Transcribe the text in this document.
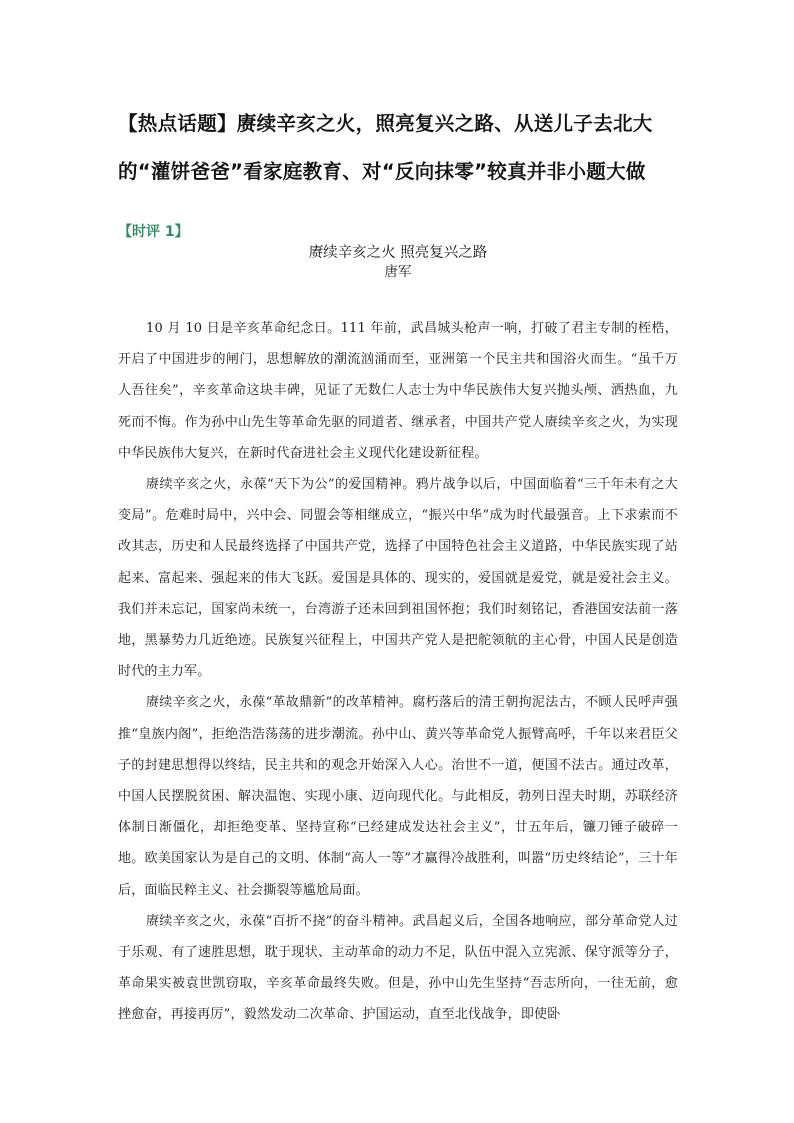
【热点话题】赓续辛亥之火，照亮复兴之路、从送儿子去北大的“灌饼爸爸”看家庭教育、对“反向抹零”较真并非小题大做
【时评 1】
赓续辛亥之火 照亮复兴之路
唐军

10 月 10 日是辛亥革命纪念日。111 年前，武昌城头枪声一响，打破了君主专制的桎梏，开启了中国进步的闸门，思想解放的潮流汹涌而至，亚洲第一个民主共和国浴火而生。“虽千万人吾往矣”，辛亥革命这块丰碑，见证了无数仁人志士为中华民族伟大复兴抛头颅、洒热血，九死而不悔。作为孙中山先生等革命先驱的同道者、继承者，中国共产党人赓续辛亥之火，为实现中华民族伟大复兴，在新时代奋进社会主义现代化建设新征程。

赓续辛亥之火，永葆“天下为公”的爱国精神。鸦片战争以后，中国面临着“三千年未有之大变局”。危难时局中，兴中会、同盟会等相继成立，“振兴中华”成为时代最强音。上下求索而不改其志，历史和人民最终选择了中国共产党，选择了中国特色社会主义道路，中华民族实现了站起来、富起来、强起来的伟大飞跃。爱国是具体的、现实的，爱国就是爱党，就是爱社会主义。我们并未忘记，国家尚未统一，台湾游子还未回到祖国怀抱；我们时刻铭记，香港国安法前一落地，黑暴势力几近绝迹。民族复兴征程上，中国共产党人是把舵领航的主心骨，中国人民是创造时代的主力军。

赓续辛亥之火，永葆“革故鼎新”的改革精神。腐朽落后的清王朝拘泥法古，不顾人民呼声强推“皇族内阁”，拒绝浩浩荡荡的进步潮流。孙中山、黄兴等革命党人振臂高呼，千年以来君臣父子的封建思想得以终结，民主共和的观念开始深入人心。治世不一道，便国不法古。通过改革，中国人民摆脱贫困、解决温饱、实现小康、迈向现代化。与此相反，勃列日涅夫时期，苏联经济体制日渐僵化，却拒绝变革、坚持宣称“已经建成发达社会主义”，廿五年后，镰刀锤子破碎一地。欧美国家认为是自己的文明、体制“高人一等”才赢得冷战胜利，叫嚣“历史终结论”，三十年后，面临民粹主义、社会撕裂等尴尬局面。

赓续辛亥之火，永葆“百折不挠”的奋斗精神。武昌起义后，全国各地响应，部分革命党人过于乐观、有了速胜思想，耽于现状、主动革命的动力不足，队伍中混入立宪派、保守派等分子，革命果实被袁世凯窃取，辛亥革命最终失败。但是，孙中山先生坚持“吾志所向，一往无前，愈挫愈奋，再接再厉”，毅然发动二次革命、护国运动，直至北伐战争，即使卧
